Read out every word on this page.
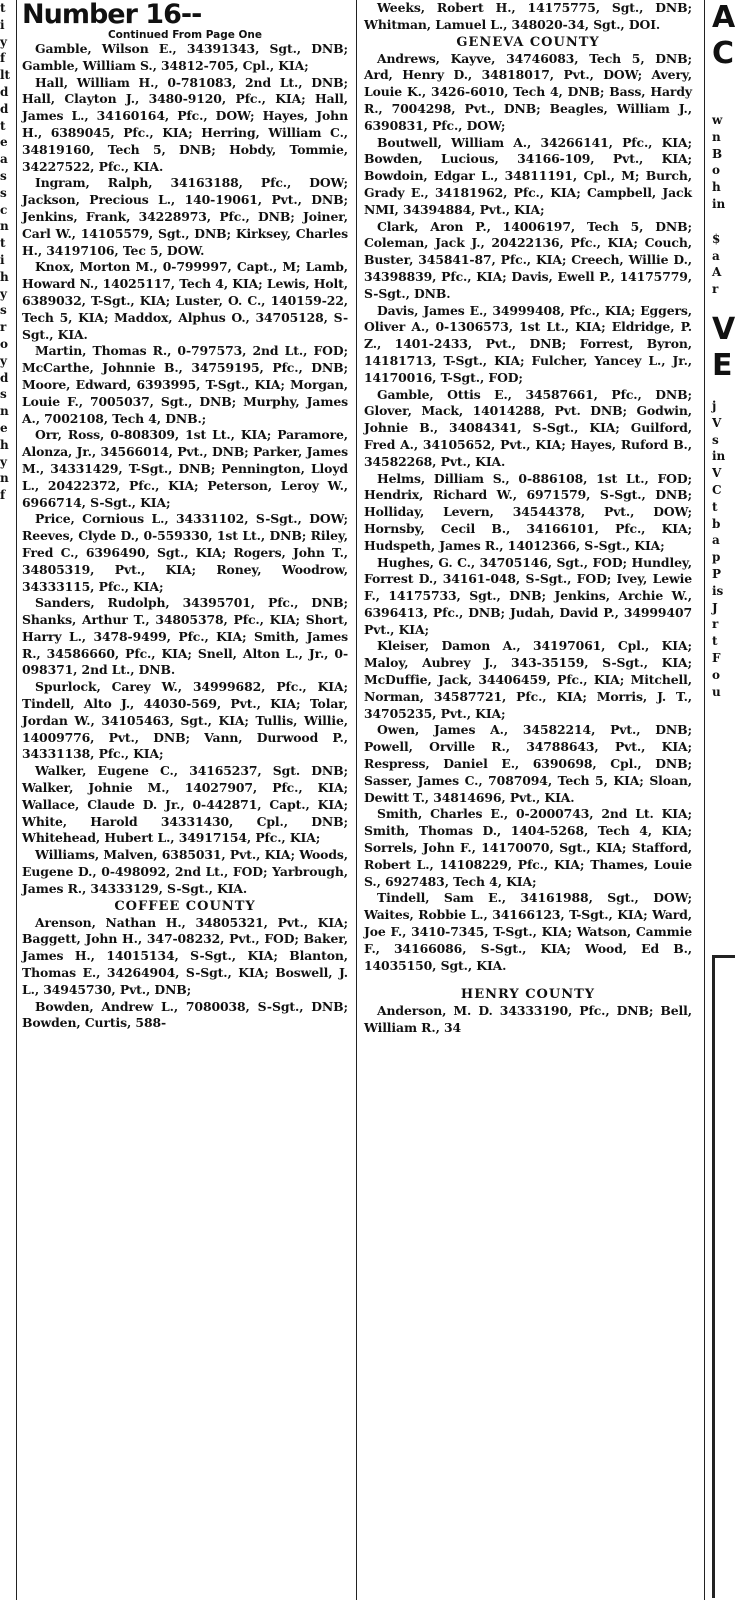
t

i

y

f

lt

d

d

t

e

a

s

s

c

n

t

i

h

y

s

r

o

y

d

s

n

e

h

y

n

f

Number 16--

Continued From Page One

Gamble, Wilson E., 34391343, Sgt., DNB; Gamble, William S., 34812-705, Cpl., KIA;

Hall, William H., 0-781083, 2nd Lt., DNB; Hall, Clayton J., 3480-9120, Pfc., KIA; Hall, James L., 34160164, Pfc., DOW; Hayes, John H., 6389045, Pfc., KIA; Herring, William C., 34819160, Tech 5, DNB; Hobdy, Tommie, 34227522, Pfc., KIA.

Ingram, Ralph, 34163188, Pfc., DOW; Jackson, Precious L., 140-19061, Pvt., DNB; Jenkins, Frank, 34228973, Pfc., DNB; Joiner, Carl W., 14105579, Sgt., DNB; Kirksey, Charles H., 34197106, Tec 5, DOW.

Knox, Morton M., 0-799997, Capt., M; Lamb, Howard N., 14025117, Tech 4, KIA; Lewis, Holt, 6389032, T-Sgt., KIA; Luster, O. C., 140159-22, Tech 5, KIA; Maddox, Alphus O., 34705128, S-Sgt., KIA.

Martin, Thomas R., 0-797573, 2nd Lt., FOD; McCarthe, Johnnie B., 34759195, Pfc., DNB; Moore, Edward, 6393995, T-Sgt., KIA; Morgan, Louie F., 7005037, Sgt., DNB; Murphy, James A., 7002108, Tech 4, DNB.;

Orr, Ross, 0-808309, 1st Lt., KIA; Paramore, Alonza, Jr., 34566014, Pvt., DNB; Parker, James M., 34331429, T-Sgt., DNB; Pennington, Lloyd L., 20422372, Pfc., KIA; Peterson, Leroy W., 6966714, S-Sgt., KIA;

Price, Cornious L., 34331102, S-Sgt., DOW; Reeves, Clyde D., 0-559330, 1st Lt., DNB; Riley, Fred C., 6396490, Sgt., KIA; Rogers, John T., 34805319, Pvt., KIA; Roney, Woodrow, 34333115, Pfc., KIA;

Sanders, Rudolph, 34395701, Pfc., DNB; Shanks, Arthur T., 34805378, Pfc., KIA; Short, Harry L., 3478-9499, Pfc., KIA; Smith, James R., 34586660, Pfc., KIA; Snell, Alton L., Jr., 0-098371, 2nd Lt., DNB.

Spurlock, Carey W., 34999682, Pfc., KIA; Tindell, Alto J., 44030-569, Pvt., KIA; Tolar, Jordan W., 34105463, Sgt., KIA; Tullis, Willie, 14009776, Pvt., DNB; Vann, Durwood P., 34331138, Pfc., KIA;

Walker, Eugene C., 34165237, Sgt. DNB; Walker, Johnie M., 14027907, Pfc., KIA; Wallace, Claude D. Jr., 0-442871, Capt., KIA; White, Harold 34331430, Cpl., DNB; Whitehead, Hubert L., 34917154, Pfc., KIA;

Williams, Malven, 6385031, Pvt., KIA; Woods, Eugene D., 0-498092, 2nd Lt., FOD; Yarbrough, James R., 34333129, S-Sgt., KIA.

COFFEE COUNTY

Arenson, Nathan H., 34805321, Pvt., KIA; Baggett, John H., 347-08232, Pvt., FOD; Baker, James H., 14015134, S-Sgt., KIA; Blanton, Thomas E., 34264904, S-Sgt., KIA; Boswell, J. L., 34945730, Pvt., DNB;

Bowden, Andrew L., 7080038, S-Sgt., DNB; Bowden, Curtis, 588-

Weeks, Robert H., 14175775, Sgt., DNB; Whitman, Lamuel L., 348020-34, Sgt., DOI.

GENEVA COUNTY

Andrews, Kayve, 34746083, Tech 5, DNB; Ard, Henry D., 34818017, Pvt., DOW; Avery, Louie K., 3426-6010, Tech 4, DNB; Bass, Hardy R., 7004298, Pvt., DNB; Beagles, William J., 6390831, Pfc., DOW;

Boutwell, William A., 34266141, Pfc., KIA; Bowden, Lucious, 34166-109, Pvt., KIA; Bowdoin, Edgar L., 34811191, Cpl., M; Burch, Grady E., 34181962, Pfc., KIA; Campbell, Jack NMI, 34394884, Pvt., KIA;

Clark, Aron P., 14006197, Tech 5, DNB; Coleman, Jack J., 20422136, Pfc., KIA; Couch, Buster, 345841-87, Pfc., KIA; Creech, Willie D., 34398839, Pfc., KIA; Davis, Ewell P., 14175779, S-Sgt., DNB.

Davis, James E., 34999408, Pfc., KIA; Eggers, Oliver A., 0-1306573, 1st Lt., KIA; Eldridge, P. Z., 1401-2433, Pvt., DNB; Forrest, Byron, 14181713, T-Sgt., KIA; Fulcher, Yancey L., Jr., 14170016, T-Sgt., FOD;

Gamble, Ottis E., 34587661, Pfc., DNB; Glover, Mack, 14014288, Pvt. DNB; Godwin, Johnie B., 34084341, S-Sgt., KIA; Guilford, Fred A., 34105652, Pvt., KIA; Hayes, Ruford B., 34582268, Pvt., KIA.

Helms, Dilliam S., 0-886108, 1st Lt., FOD; Hendrix, Richard W., 6971579, S-Sgt., DNB; Holliday, Levern, 34544378, Pvt., DOW; Hornsby, Cecil B., 34166101, Pfc., KIA; Hudspeth, James R., 14012366, S-Sgt., KIA;

Hughes, G. C., 34705146, Sgt., FOD; Hundley, Forrest D., 34161-048, S-Sgt., FOD; Ivey, Lewie F., 14175733, Sgt., DNB; Jenkins, Archie W., 6396413, Pfc., DNB; Judah, David P., 34999407 Pvt., KIA;

Kleiser, Damon A., 34197061, Cpl., KIA; Maloy, Aubrey J., 343-35159, S-Sgt., KIA; McDuffie, Jack, 34406459, Pfc., KIA; Mitchell, Norman, 34587721, Pfc., KIA; Morris, J. T., 34705235, Pvt., KIA;

Owen, James A., 34582214, Pvt., DNB; Powell, Orville R., 34788643, Pvt., KIA; Respress, Daniel E., 6390698, Cpl., DNB; Sasser, James C., 7087094, Tech 5, KIA; Sloan, Dewitt T., 34814696, Pvt., KIA.

Smith, Charles E., 0-2000743, 2nd Lt. KIA; Smith, Thomas D., 1404-5268, Tech 4, KIA; Sorrels, John F., 14170070, Sgt., KIA; Stafford, Robert L., 14108229, Pfc., KIA; Thames, Louie S., 6927483, Tech 4, KIA;

Tindell, Sam E., 34161988, Sgt., DOW; Waites, Robbie L., 34166123, T-Sgt., KIA; Ward, Joe F., 3410-7345, T-Sgt., KIA; Watson, Cammie F., 34166086, S-Sgt., KIA; Wood, Ed B., 14035150, Sgt., KIA.

HENRY COUNTY

Anderson, M. D. 34333190, Pfc., DNB; Bell, William R., 34

A

C

w

n

B

o

h

in

$

a

A

r

V

E

j

V

s

in

V

C

t

b

a

p

P

is

J

r

t

F

o

u
